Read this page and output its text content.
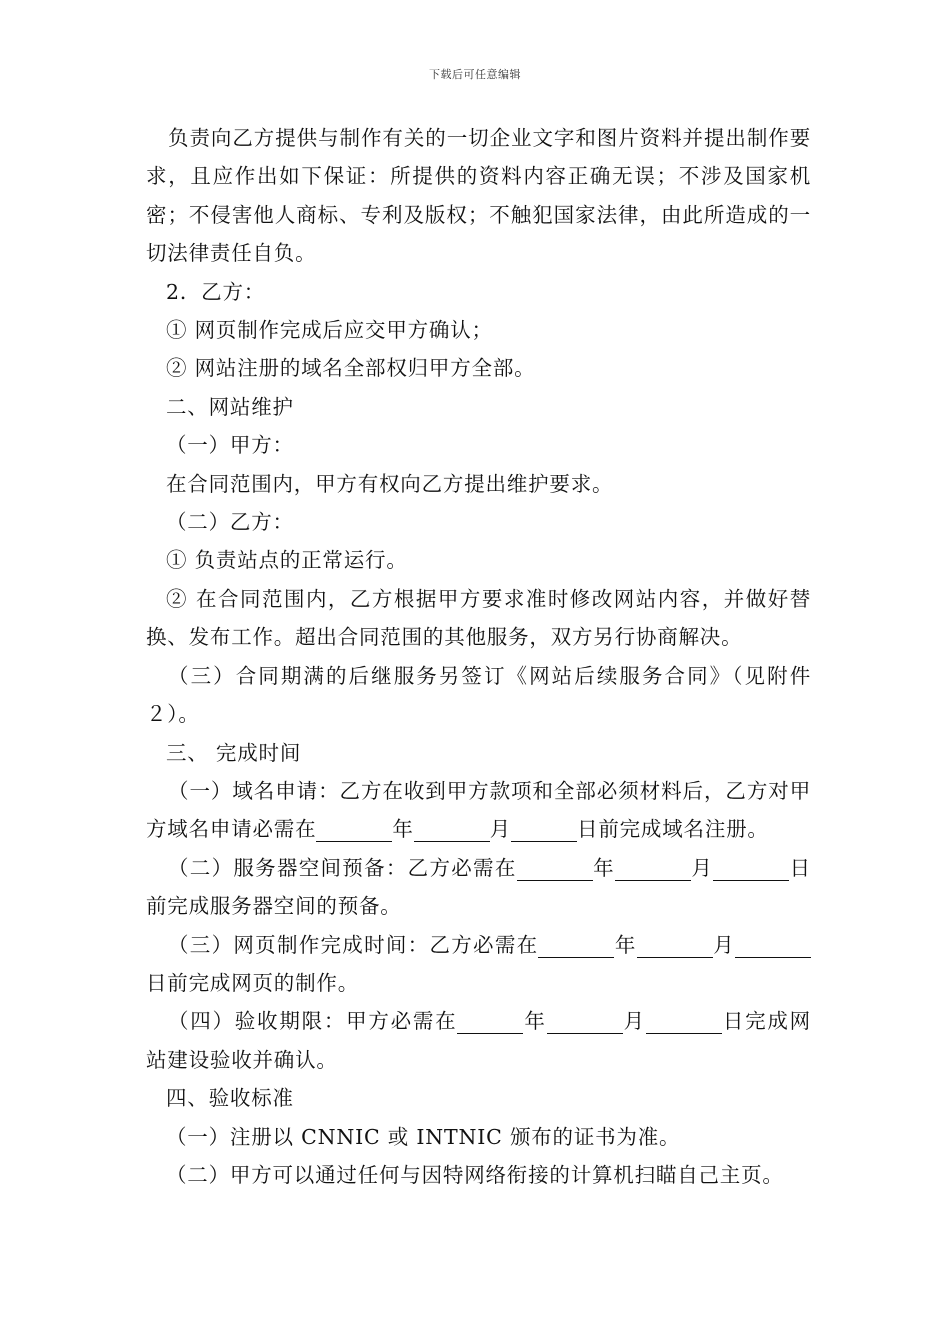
下载后可任意编辑

负责向乙方提供与制作有关的一切企业文字和图片资料并提出制作要求，且应作出如下保证：所提供的资料内容正确无误；不涉及国家机密；不侵害他人商标、专利及版权；不触犯国家法律，由此所造成的一切法律责任自负。

2．乙方：

① 网页制作完成后应交甲方确认；

② 网站注册的域名全部权归甲方全部。

二、网站维护

（一）甲方：

在合同范围内，甲方有权向乙方提出维护要求。

（二）乙方：

① 负责站点的正常运行。

② 在合同范围内，乙方根据甲方要求准时修改网站内容，并做好替换、发布工作。超出合同范围的其他服务，双方另行协商解决。

（三）合同期满的后继服务另签订《网站后续服务合同》（见附件２）。

三、 完成时间

（一）域名申请：乙方在收到甲方款项和全部必须材料后，乙方对甲方域名申请必需在	年	月	日前完成域名注册。

（二）服务器空间预备：乙方必需在	年	月	日前完成服务器空间的预备。

（三）网页制作完成时间：乙方必需在	年	月日前完成网页的制作。

（四）验收期限：甲方必需在	年	月	日完成网站建设验收并确认。

四、验收标准

（一）注册以 CNNIC 或 INTNIC 颁布的证书为准。

（二）甲方可以通过任何与因特网络衔接的计算机扫瞄自己主页。
